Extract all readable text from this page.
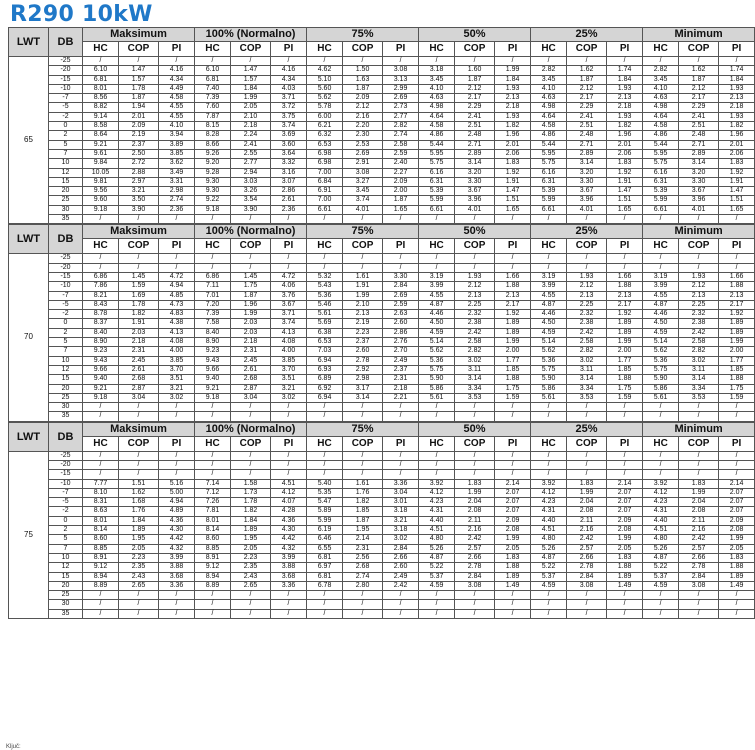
R290 10kW
LWT	DB	Maksimum			100% (Normalno)			75%			50%			25%			Minimum		
		HC	COP	PI	HC	COP	PI	HC	COP	PI	HC	COP	PI	HC	COP	PI	HC	COP	PI
65	-25	/	/	/	/	/	/	/	/	/	/	/	/	/	/	/	/	/	/
	-20	6.10	1.47	4.16	6.10	1.47	4.16	4.62	1.50	3.08	3.18	1.60	1.99	2.82	1.62	1.74	2.82	1.62	1.74
	-15	6.81	1.57	4.34	6.81	1.57	4.34	5.10	1.63	3.13	3.45	1.87	1.84	3.45	1.87	1.84	3.45	1.87	1.84
	-10	8.01	1.78	4.49	7.40	1.84	4.03	5.60	1.87	2.99	4.10	2.12	1.93	4.10	2.12	1.93	4.10	2.12	1.93
	-7	8.56	1.87	4.58	7.39	1.99	3.71	5.62	2.09	2.69	4.63	2.17	2.13	4.63	2.17	2.13	4.63	2.17	2.13
	-5	8.82	1.94	4.55	7.60	2.05	3.72	5.78	2.12	2.73	4.98	2.29	2.18	4.98	2.29	2.18	4.98	2.29	2.18
	-2	9.14	2.01	4.55	7.87	2.10	3.75	6.00	2.16	2.77	4.64	2.41	1.93	4.64	2.41	1.93	4.64	2.41	1.93
	0	8.58	2.09	4.10	8.15	2.18	3.74	6.21	2.20	2.82	4.58	2.51	1.82	4.58	2.51	1.82	4.58	2.51	1.82
	2	8.64	2.19	3.94	8.28	2.24	3.69	6.32	2.30	2.74	4.86	2.48	1.96	4.86	2.48	1.96	4.86	2.48	1.96
	5	9.21	2.37	3.89	8.66	2.41	3.60	6.53	2.53	2.58	5.44	2.71	2.01	5.44	2.71	2.01	5.44	2.71	2.01
	7	9.61	2.50	3.85	9.26	2.55	3.64	6.98	2.69	2.59	5.95	2.89	2.06	5.95	2.89	2.06	5.95	2.89	2.06
	10	9.84	2.72	3.62	9.20	2.77	3.32	6.98	2.91	2.40	5.75	3.14	1.83	5.75	3.14	1.83	5.75	3.14	1.83
	12	10.05	2.88	3.49	9.28	2.94	3.16	7.00	3.08	2.27	6.16	3.20	1.92	6.16	3.20	1.92	6.16	3.20	1.92
	15	9.81	2.97	3.31	9.30	3.03	3.07	6.84	3.27	2.09	6.31	3.30	1.91	6.31	3.30	1.91	6.31	3.30	1.91
	20	9.56	3.21	2.98	9.30	3.26	2.86	6.91	3.45	2.00	5.39	3.67	1.47	5.39	3.67	1.47	5.39	3.67	1.47
	25	9.60	3.50	2.74	9.22	3.54	2.61	7.00	3.74	1.87	5.99	3.96	1.51	5.99	3.96	1.51	5.99	3.96	1.51
	30	9.18	3.90	2.36	9.18	3.90	2.36	6.61	4.01	1.65	6.61	4.01	1.65	6.61	4.01	1.65	6.61	4.01	1.65
	35	/	/	/	/	/	/	/	/	/	/	/	/	/	/	/	/	/	/
LWT	DB	Maksimum			100% (Normalno)			75%			50%			25%			Minimum		
		HC	COP	PI	HC	COP	PI	HC	COP	PI	HC	COP	PI	HC	COP	PI	HC	COP	PI
70	-25	/	/	/	/	/	/	/	/	/	/	/	/	/	/	/	/	/	/
	-20	/	/	/	/	/	/	/	/	/	/	/	/	/	/	/	/	/	/
	-15	6.86	1.45	4.72	6.86	1.45	4.72	5.32	1.61	3.30	3.19	1.93	1.66	3.19	1.93	1.66	3.19	1.93	1.66
	-10	7.86	1.59	4.94	7.11	1.75	4.06	5.43	1.91	2.84	3.99	2.12	1.88	3.99	2.12	1.88	3.99	2.12	1.88
	-7	8.21	1.69	4.85	7.01	1.87	3.76	5.36	1.99	2.69	4.55	2.13	2.13	4.55	2.13	2.13	4.55	2.13	2.13
	-5	8.43	1.78	4.73	7.20	1.96	3.67	5.46	2.10	2.59	4.87	2.25	2.17	4.87	2.25	2.17	4.87	2.25	2.17
	-2	8.78	1.82	4.83	7.39	1.99	3.71	5.61	2.13	2.63	4.46	2.32	1.92	4.46	2.32	1.92	4.46	2.32	1.92
	0	8.37	1.91	4.38	7.58	2.03	3.74	5.69	2.19	2.60	4.50	2.38	1.89	4.50	2.38	1.89	4.50	2.38	1.89
	2	8.40	2.03	4.13	8.40	2.03	4.13	6.38	2.23	2.86	4.59	2.42	1.89	4.59	2.42	1.89	4.59	2.42	1.89
	5	8.90	2.18	4.08	8.90	2.18	4.08	6.53	2.37	2.76	5.14	2.58	1.99	5.14	2.58	1.99	5.14	2.58	1.99
	7	9.23	2.31	4.00	9.23	2.31	4.00	7.03	2.60	2.70	5.62	2.82	2.00	5.62	2.82	2.00	5.62	2.82	2.00
	10	9.43	2.45	3.85	9.43	2.45	3.85	6.94	2.78	2.49	5.36	3.02	1.77	5.36	3.02	1.77	5.36	3.02	1.77
	12	9.66	2.61	3.70	9.66	2.61	3.70	6.93	2.92	2.37	5.75	3.11	1.85	5.75	3.11	1.85	5.75	3.11	1.85
	15	9.40	2.68	3.51	9.40	2.68	3.51	6.89	2.98	2.31	5.90	3.14	1.88	5.90	3.14	1.88	5.90	3.14	1.88
	20	9.21	2.87	3.21	9.21	2.87	3.21	6.92	3.17	2.18	5.86	3.34	1.75	5.86	3.34	1.75	5.86	3.34	1.75
	25	9.18	3.04	3.02	9.18	3.04	3.02	6.94	3.14	2.21	5.61	3.53	1.59	5.61	3.53	1.59	5.61	3.53	1.59
	30	/	/	/	/	/	/	/	/	/	/	/	/	/	/	/	/	/	/
	35	/	/	/	/	/	/	/	/	/	/	/	/	/	/	/	/	/	/
LWT	DB	Maksimum			100% (Normalno)			75%			50%			25%			Minimum		
		HC	COP	PI	HC	COP	PI	HC	COP	PI	HC	COP	PI	HC	COP	PI	HC	COP	PI
75	-25	/	/	/	/	/	/	/	/	/	/	/	/	/	/	/	/	/	/
	-20	/	/	/	/	/	/	/	/	/	/	/	/	/	/	/	/	/	/
	-15	/	/	/	/	/	/	/	/	/	/	/	/	/	/	/	/	/	/
	-10	7.77	1.51	5.16	7.14	1.58	4.51	5.40	1.61	3.36	3.92	1.83	2.14	3.92	1.83	2.14	3.92	1.83	2.14
	-7	8.10	1.62	5.00	7.12	1.73	4.12	5.35	1.76	3.04	4.12	1.99	2.07	4.12	1.99	2.07	4.12	1.99	2.07
	-5	8.31	1.68	4.94	7.26	1.78	4.07	5.47	1.82	3.01	4.23	2.04	2.07	4.23	2.04	2.07	4.23	2.04	2.07
	-2	8.63	1.76	4.89	7.81	1.82	4.28	5.89	1.85	3.18	4.31	2.08	2.07	4.31	2.08	2.07	4.31	2.08	2.07
	0	8.01	1.84	4.36	8.01	1.84	4.36	5.99	1.87	3.21	4.40	2.11	2.09	4.40	2.11	2.09	4.40	2.11	2.09
	2	8.14	1.89	4.30	8.14	1.89	4.30	6.19	1.95	3.18	4.51	2.16	2.08	4.51	2.16	2.08	4.51	2.16	2.08
	5	8.60	1.95	4.42	8.60	1.95	4.42	6.46	2.14	3.02	4.80	2.42	1.99	4.80	2.42	1.99	4.80	2.42	1.99
	7	8.85	2.05	4.32	8.85	2.05	4.32	6.55	2.31	2.84	5.26	2.57	2.05	5.26	2.57	2.05	5.26	2.57	2.05
	10	8.91	2.23	3.99	8.91	2.23	3.99	6.81	2.56	2.66	4.87	2.66	1.83	4.87	2.66	1.83	4.87	2.66	1.83
	12	9.12	2.35	3.88	9.12	2.35	3.88	6.97	2.68	2.60	5.22	2.78	1.88	5.22	2.78	1.88	5.22	2.78	1.88
	15	8.94	2.43	3.68	8.94	2.43	3.68	6.81	2.74	2.49	5.37	2.84	1.89	5.37	2.84	1.89	5.37	2.84	1.89
	20	8.89	2.65	3.36	8.89	2.65	3.36	6.78	2.80	2.42	4.59	3.08	1.49	4.59	3.08	1.49	4.59	3.08	1.49
	25	/	/	/	/	/	/	/	/	/	/	/	/	/	/	/	/	/	/
	30	/	/	/	/	/	/	/	/	/	/	/	/	/	/	/	/	/	/
	35	/	/	/	/	/	/	/	/	/	/	/	/	/	/	/	/	/	/
Ključ:
